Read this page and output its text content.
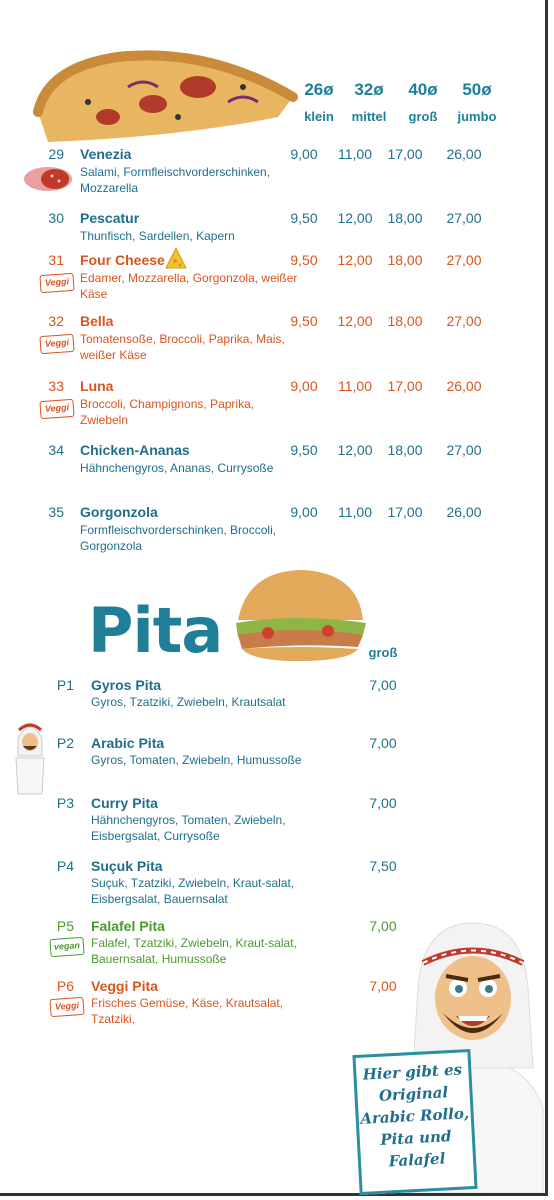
26ø
klein
32ø
mittel
40ø
groß
50ø
jumbo
29 Venezia
Salami, Formfleischvorderschinken, Mozzarella
9,00	11,00	17,00	26,00
30 Pescatur
Thunfisch, Sardellen, Kapern
9,50	12,00	18,00	27,00
31 Four Cheese
Edamer, Mozzarella, Gorgonzola, weißer Käse
9,50	12,00	18,00	27,00
Veggi
32 Bella
Tomatensoße, Broccoli, Paprika, Mais, weißer Käse
9,50	12,00	18,00	27,00
Veggi
33 Luna
Broccoli, Champignons, Paprika, Zwiebeln
9,00	11,00	17,00	26,00
Veggi
34 Chicken-Ananas
Hähnchengyros, Ananas, Currysoße
9,50	12,00	18,00	27,00
35 Gorgonzola
Formfleischvorderschinken, Broccoli, Gorgonzola
9,00	11,00	17,00	26,00
Pita	groß
P1 Gyros Pita
Gyros, Tzatziki, Zwiebeln, Krautsalat
7,00
P2 Arabic Pita
Gyros, Tomaten, Zwiebeln, Humussoße
7,00
P3 Curry Pita
Hähnchengyros, Tomaten, Zwiebeln, Eisbergsalat, Currysoße
7,00
P4 Suçuk Pita
Suçuk, Tzatziki, Zwiebeln, Kraut-salat, Eisbergsalat, Bauernsalat
7,50
P5 Falafel Pita
Falafel, Tzatziki, Zwiebeln, Kraut-salat, Bauernsalat, Humussoße
7,00
vegan
P6 Veggi Pita
Frisches Gemüse, Käse, Krautsalat, Tzatziki,
7,00
Veggi
Hier gibt es
Original
Arabic Rollo,
Pita und
Falafel
